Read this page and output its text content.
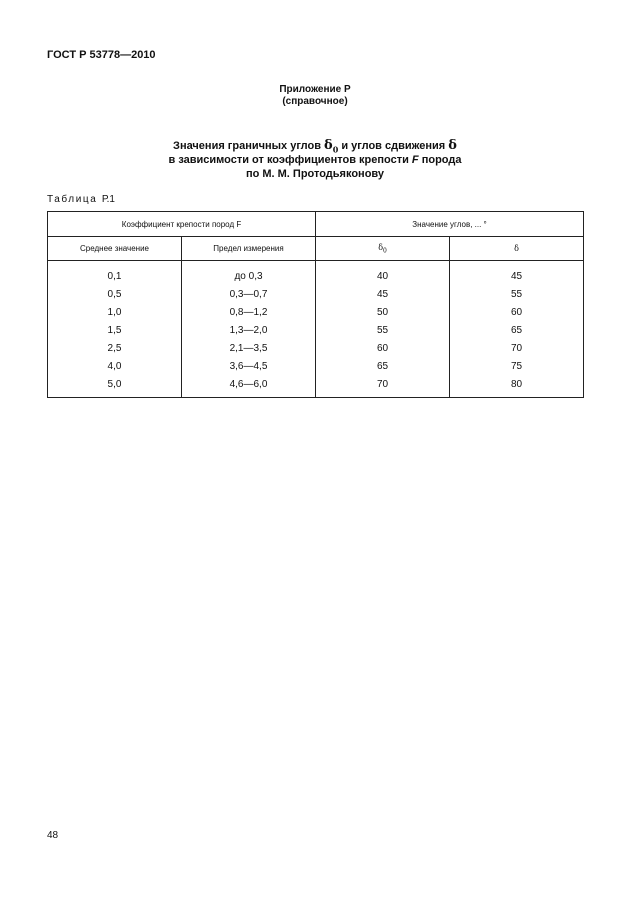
ГОСТ Р 53778—2010
Приложение Р
(справочное)
Значения граничных углов $\delta_0$ и углов сдвижения δ
в зависимости от коэффициентов крепости F порода
по М. М. Протодьяконову
Таблица Р.1
Коэффициент крепости пород F		Значение углов, ... °	
Среднее значение	Предел измерения	$\delta_0$	δ
0,1	до 0,3	40	45
0,5	0,3—0,7	45	55
1,0	0,8—1,2	50	60
1,5	1,3—2,0	55	65
2,5	2,1—3,5	60	70
4,0	3,6—4,5	65	75
5,0	4,6—6,0	70	80
48
